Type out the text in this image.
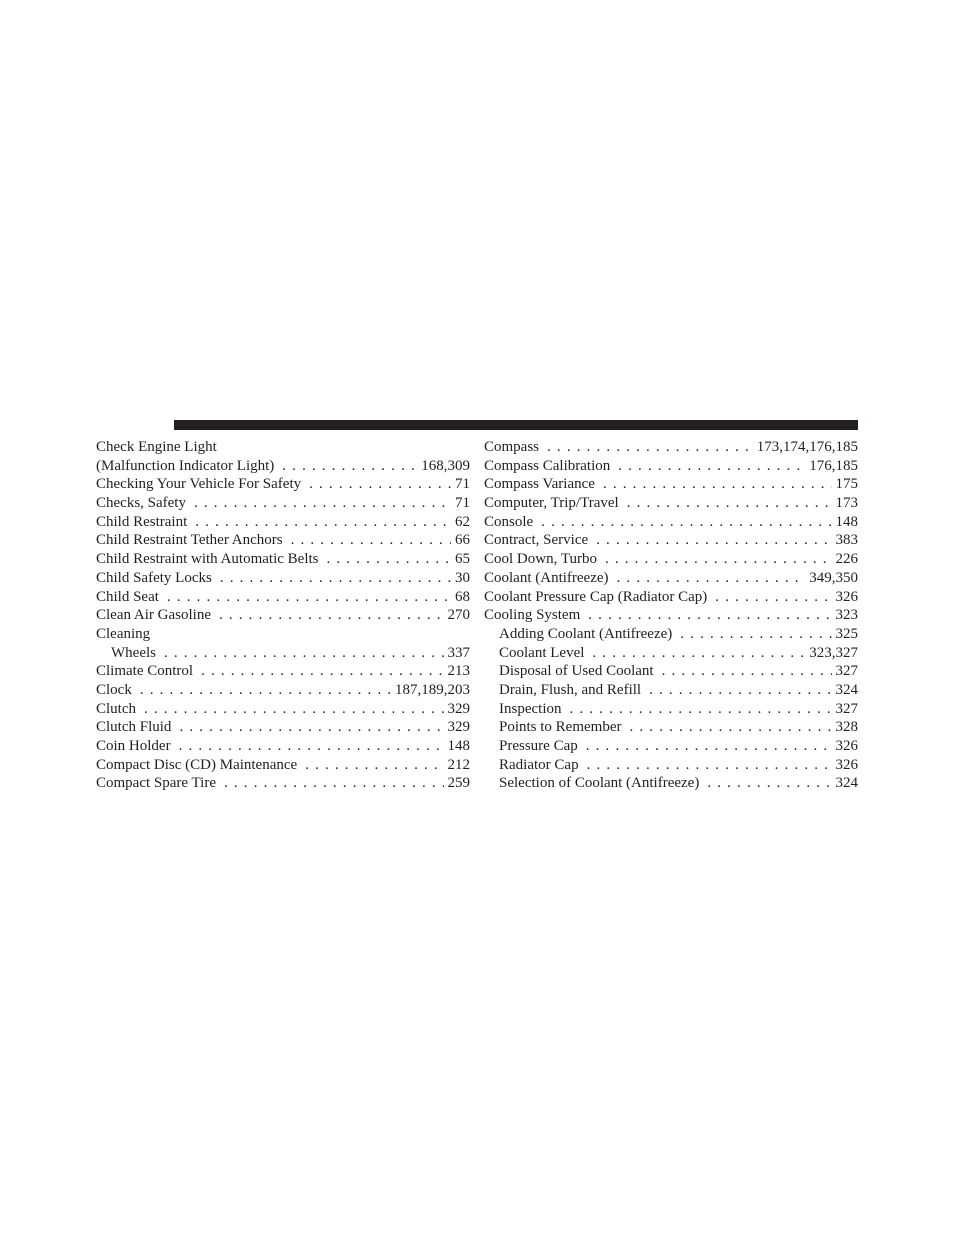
Check Engine Light
(Malfunction Indicator Light) . . .	168,309
Checking Your Vehicle For Safety . . .	71
Checks, Safety . . .	71
Child Restraint . . .	62
Child Restraint Tether Anchors . . .	66
Child Restraint with Automatic Belts . . .	65
Child Safety Locks . . .	30
Child Seat . . .	68
Clean Air Gasoline . . .	270
Cleaning
Wheels . . .	337
Climate Control . . .	213
Clock . . .	187,189,203
Clutch . . .	329
Clutch Fluid . . .	329
Coin Holder . . .	148
Compact Disc (CD) Maintenance . . .	212
Compact Spare Tire . . .	259
Compass . . .	173,174,176,185
Compass Calibration . . .	176,185
Compass Variance . . .	175
Computer, Trip/Travel . . .	173
Console . . .	148
Contract, Service . . .	383
Cool Down, Turbo . . .	226
Coolant (Antifreeze) . . .	349,350
Coolant Pressure Cap (Radiator Cap) . . .	326
Cooling System . . .	323
Adding Coolant (Antifreeze) . . .	325
Coolant Level . . .	323,327
Disposal of Used Coolant . . .	327
Drain, Flush, and Refill . . .	324
Inspection . . .	327
Points to Remember . . .	328
Pressure Cap . . .	326
Radiator Cap . . .	326
Selection of Coolant (Antifreeze) . . .	324
